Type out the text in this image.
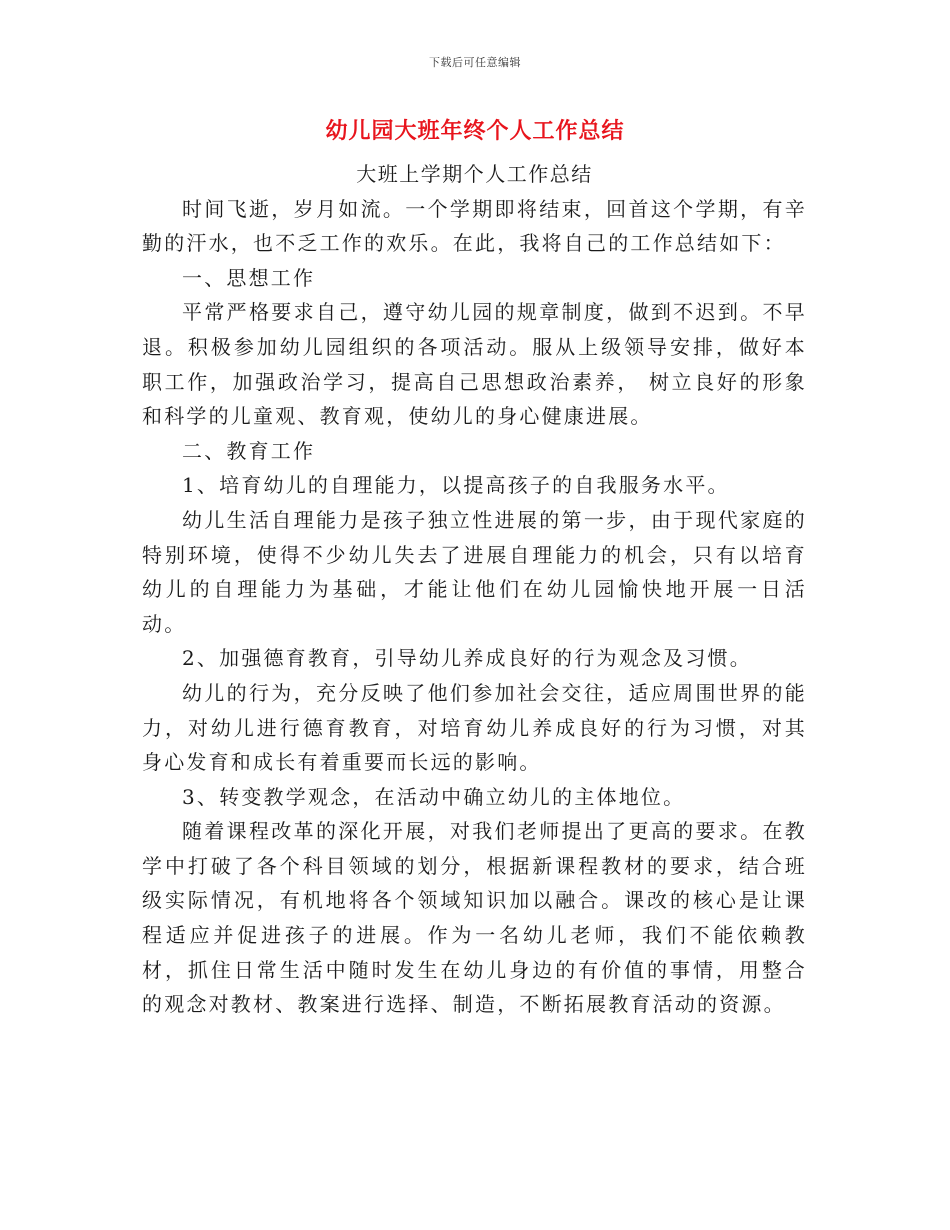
下载后可任意编辑
幼儿园大班年终个人工作总结

大班上学期个人工作总结

时间飞逝，岁月如流。一个学期即将结束，回首这个学期，有辛勤的汗水，也不乏工作的欢乐。在此，我将自己的工作总结如下：

一、思想工作

平常严格要求自己，遵守幼儿园的规章制度，做到不迟到。不早退。积极参加幼儿园组织的各项活动。服从上级领导安排，做好本职工作，加强政治学习，提高自己思想政治素养， 树立良好的形象和科学的儿童观、教育观，使幼儿的身心健康进展。

二、教育工作

1、培育幼儿的自理能力，以提高孩子的自我服务水平。

幼儿生活自理能力是孩子独立性进展的第一步，由于现代家庭的特别环境，使得不少幼儿失去了进展自理能力的机会，只有以培育幼儿的自理能力为基础，才能让他们在幼儿园愉快地开展一日活动。

2、加强德育教育，引导幼儿养成良好的行为观念及习惯。

幼儿的行为，充分反映了他们参加社会交往，适应周围世界的能力，对幼儿进行德育教育，对培育幼儿养成良好的行为习惯，对其身心发育和成长有着重要而长远的影响。

3、转变教学观念，在活动中确立幼儿的主体地位。

随着课程改革的深化开展，对我们老师提出了更高的要求。在教学中打破了各个科目领域的划分，根据新课程教材的要求，结合班级实际情况，有机地将各个领域知识加以融合。课改的核心是让课程适应并促进孩子的进展。作为一名幼儿老师，我们不能依赖教材，抓住日常生活中随时发生在幼儿身边的有价值的事情，用整合的观念对教材、教案进行选择、制造，不断拓展教育活动的资源。
